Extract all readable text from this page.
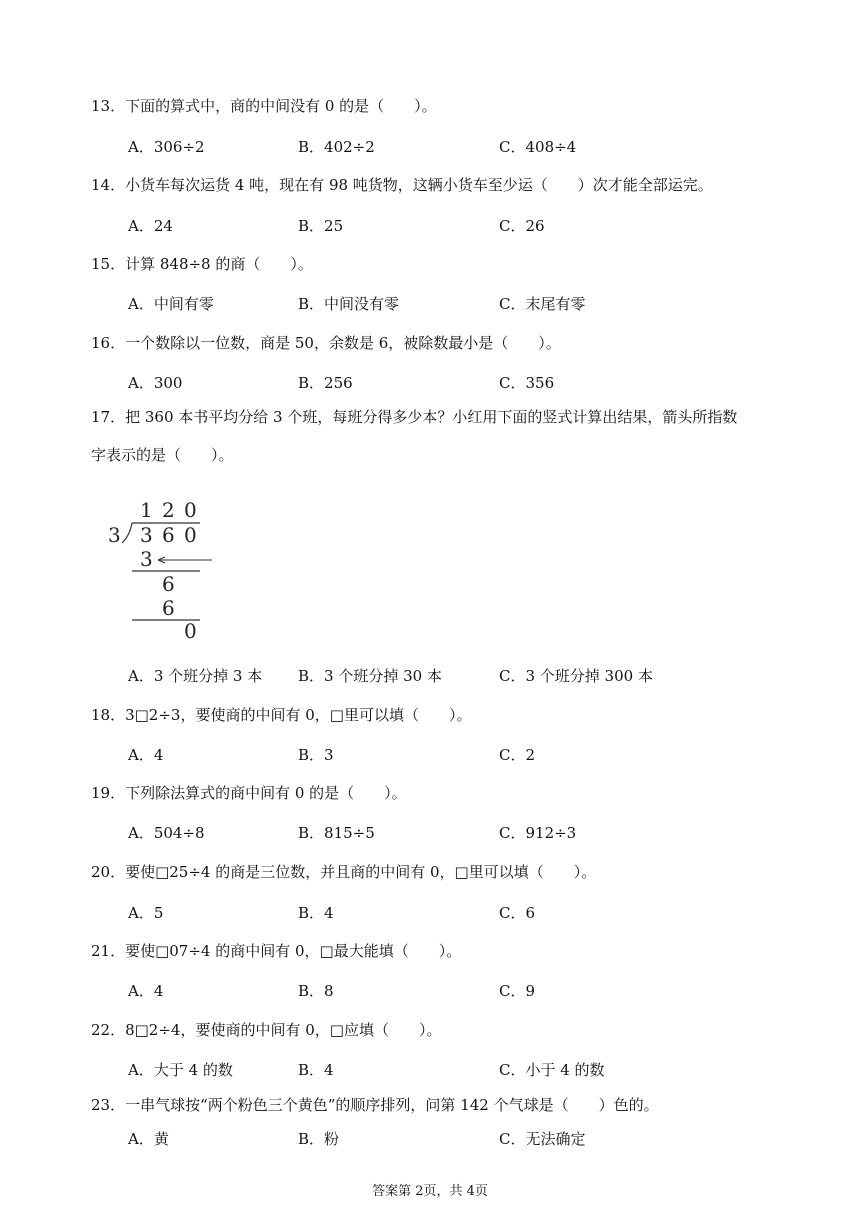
13．下面的算式中，商的中间没有 0 的是（　　）。
A．306÷2	B．402÷2	C．408÷4
14．小货车每次运货 4 吨，现在有 98 吨货物，这辆小货车至少运（　　）次才能全部运完。
A．24	B．25	C．26
15．计算 848÷8 的商（　　）。
A．中间有零	B．中间没有零	C．末尾有零
16．一个数除以一位数，商是 50，余数是 6，被除数最小是（　　）。
A．300	B．256	C．356
17．把 360 本书平均分给 3 个班，每班分得多少本？小红用下面的竖式计算出结果，箭头所指数
字表示的是（　　）。
1 2 0
3 3 6 0
3
6
6
0
A．3 个班分掉 3 本 B．3 个班分掉 30 本	C．3 个班分掉 300 本
18．3□2÷3，要使商的中间有 0，□里可以填（　　）。
A．4	B．3	C．2
19．下列除法算式的商中间有 0 的是（　　）。
A．504÷8	B．815÷5	C．912÷3
20．要使□25÷4 的商是三位数，并且商的中间有 0，□里可以填（　　）。
A．5	B．4	C．6
21．要使□07÷4 的商中间有 0，□最大能填（　　）。
A．4	B．8	C．9
22．8□2÷4，要使商的中间有 0，□应填（　　）。
A．大于 4 的数	B．4	C．小于 4 的数
23．一串气球按“两个粉色三个黄色”的顺序排列，问第 142 个气球是（　　）色的。
A．黄	B．粉	C．无法确定
答案第 2页，共 4页
